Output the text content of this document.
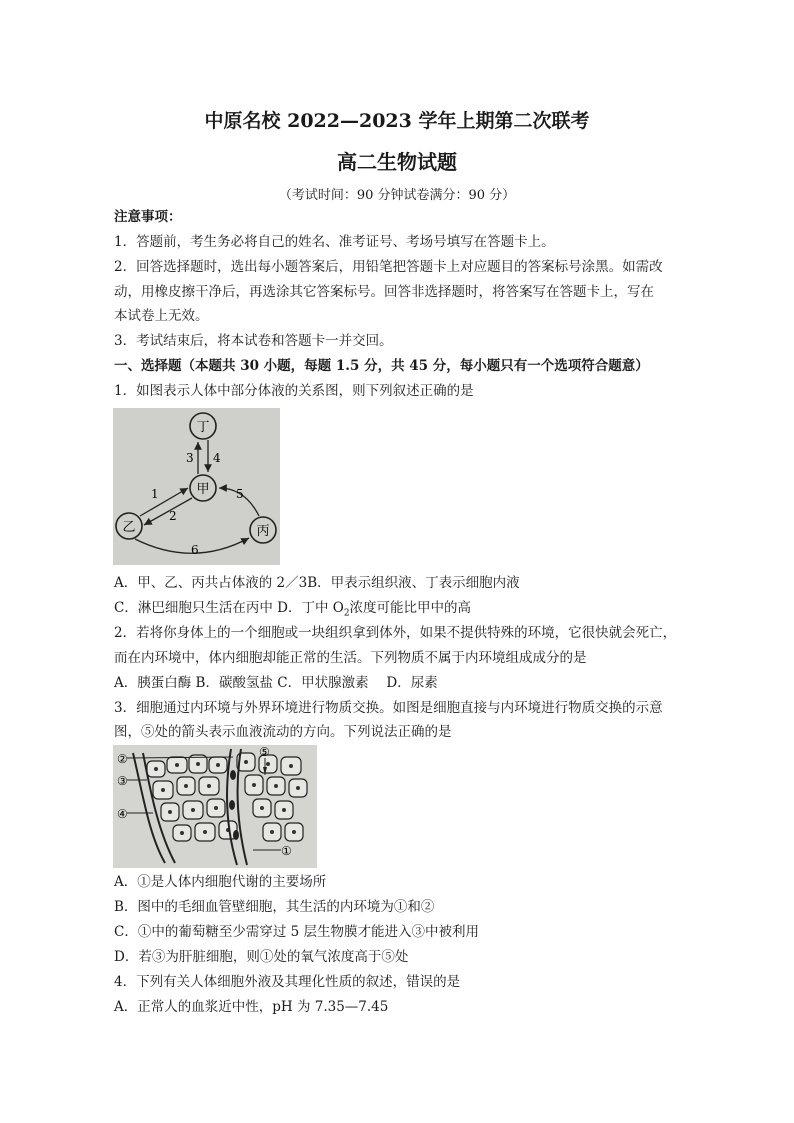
中原名校 2022—2023 学年上期第二次联考
高二生物试题
（考试时间：90 分钟试卷满分：90 分）
注意事项：
1．答题前，考生务必将自己的姓名、准考证号、考场号填写在答题卡上。
2．回答选择题时，选出每小题答案后，用铅笔把答题卡上对应题目的答案标号涂黑。如需改
动，用橡皮擦干净后，再选涂其它答案标号。回答非选择题时，将答案写在答题卡上，写在
本试卷上无效。
3．考试结束后，将本试卷和答题卡一并交回。
一、选择题（本题共 30 小题，每题 1.5 分，共 45 分，每小题只有一个选项符合题意）
1．如图表示人体中部分体液的关系图，则下列叙述正确的是
丁
甲
乙	丙
3 4
1
2
5
6
A．甲、乙、丙共占体液的 2／3B．甲表示组织液、丁表示细胞内液
C．淋巴细胞只生活在丙中 D．丁中 $O_2$浓度可能比甲中的高
2．若将你身体上的一个细胞或一块组织拿到体外，如果不提供特殊的环境，它很快就会死亡，
而在内环境中，体内细胞却能正常的生活。下列物质不属于内环境组成成分的是
A．胰蛋白酶 B．碳酸氢盐 C．甲状腺激素　 D．尿素
3．细胞通过内环境与外界环境进行物质交换。如图是细胞直接与内环境进行物质交换的示意
图，⑤处的箭头表示血液流动的方向。下列说法正确的是
②
③
④
⑤
①
A．①是人体内细胞代谢的主要场所
B．图中的毛细血管壁细胞，其生活的内环境为①和②
C．①中的葡萄糖至少需穿过 5 层生物膜才能进入③中被利用
D．若③为肝脏细胞，则①处的氧气浓度高于⑤处
4．下列有关人体细胞外液及其理化性质的叙述，错误的是
A．正常人的血浆近中性，pH 为 7.35—7.45
